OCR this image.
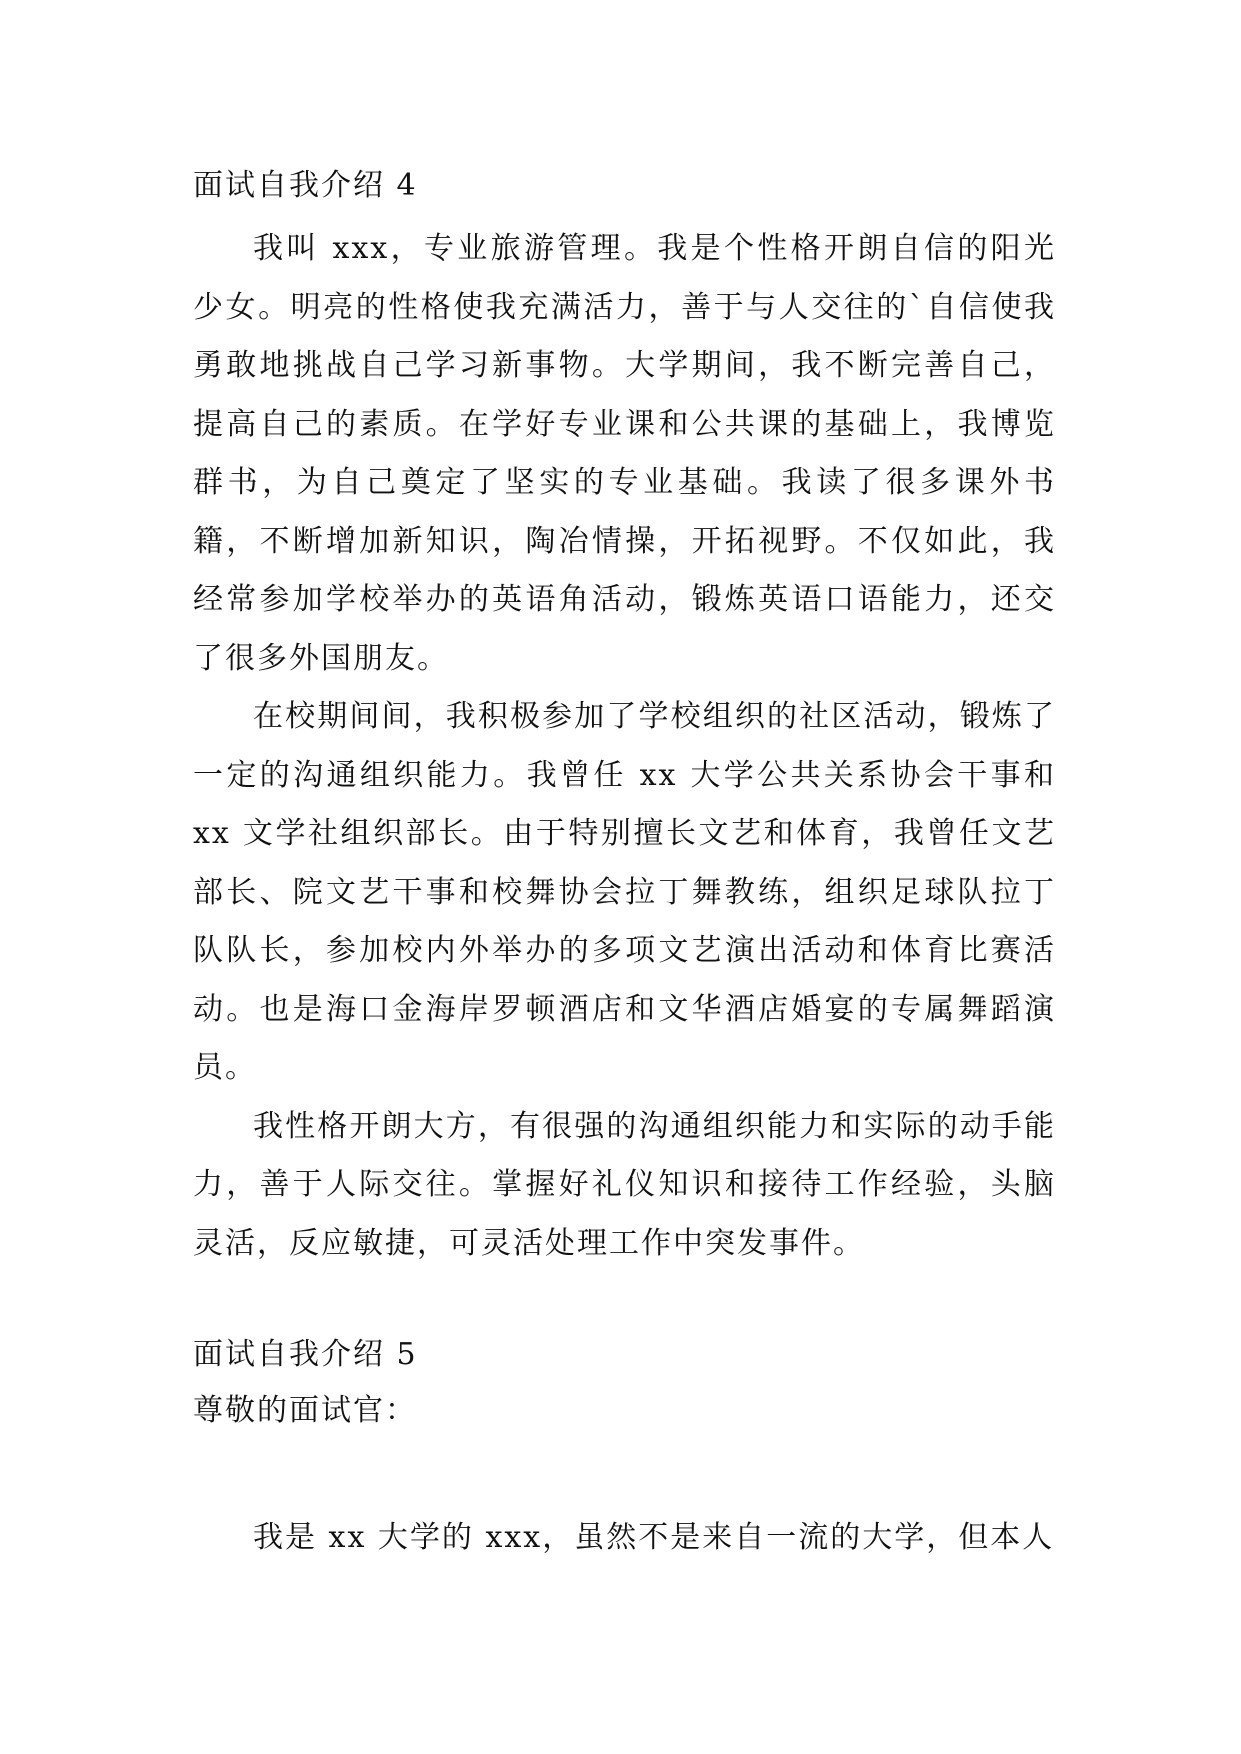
面试自我介绍 4

我叫 xxx，专业旅游管理。我是个性格开朗自信的阳光少女。明亮的性格使我充满活力，善于与人交往的`自信使我勇敢地挑战自己学习新事物。大学期间，我不断完善自己，提高自己的素质。在学好专业课和公共课的基础上，我博览群书，为自己奠定了坚实的专业基础。我读了很多课外书籍，不断增加新知识，陶冶情操，开拓视野。不仅如此，我经常参加学校举办的英语角活动，锻炼英语口语能力，还交了很多外国朋友。

在校期间间，我积极参加了学校组织的社区活动，锻炼了一定的沟通组织能力。我曾任 xx 大学公共关系协会干事和 xx 文学社组织部长。由于特别擅长文艺和体育，我曾任文艺部长、院文艺干事和校舞协会拉丁舞教练，组织足球队拉丁队队长，参加校内外举办的多项文艺演出活动和体育比赛活动。也是海口金海岸罗顿酒店和文华酒店婚宴的专属舞蹈演员。

我性格开朗大方，有很强的沟通组织能力和实际的动手能力，善于人际交往。掌握好礼仪知识和接待工作经验，头脑灵活，反应敏捷，可灵活处理工作中突发事件。

面试自我介绍 5

尊敬的面试官：

我是 xx 大学的 xxx，虽然不是来自一流的大学，但本人
